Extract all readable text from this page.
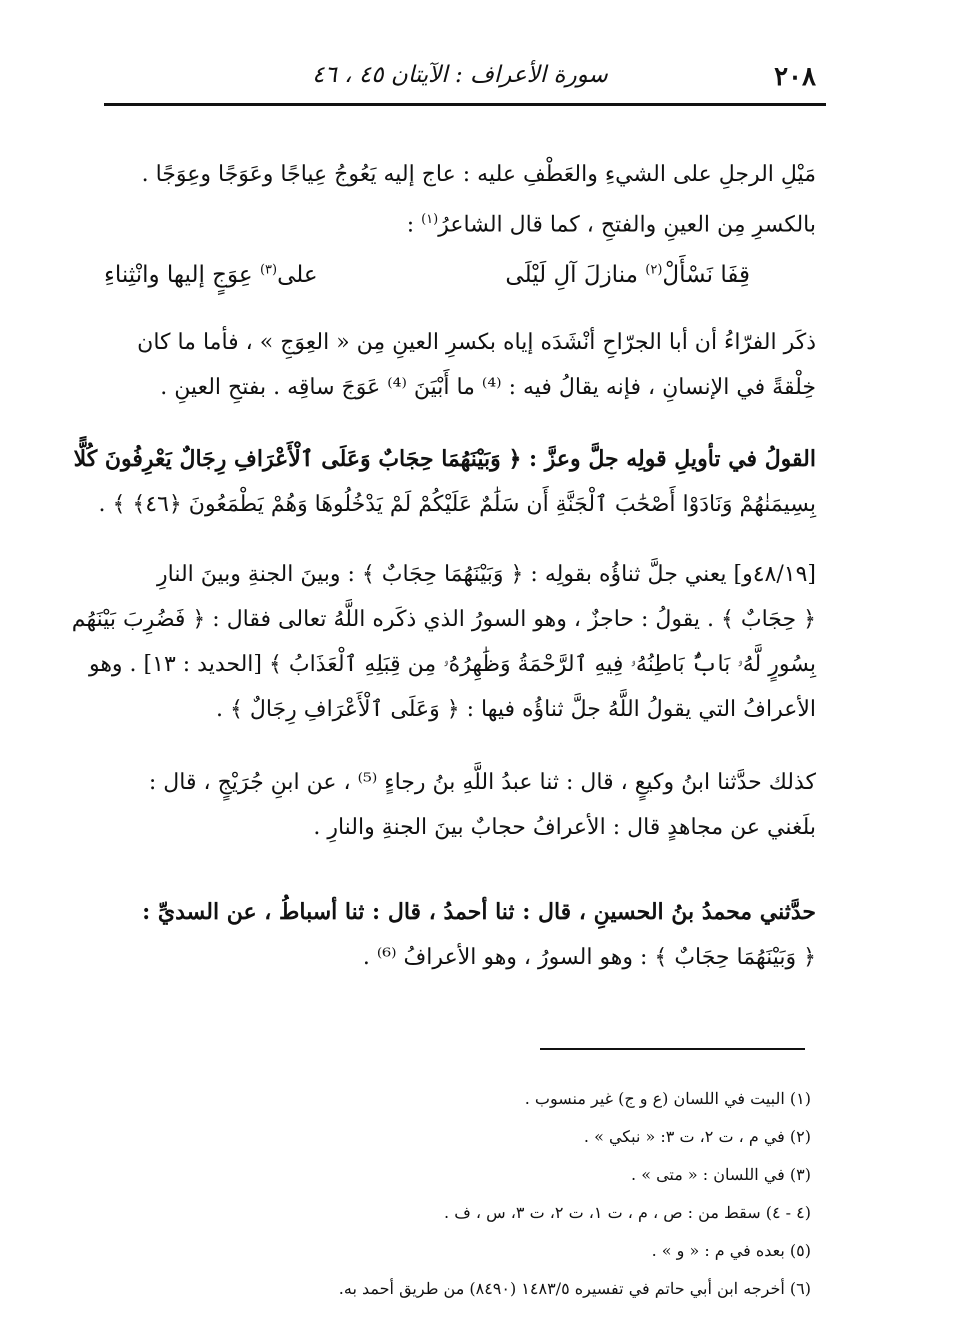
٢٠٨
سورة الأعراف : الآيتان ٤٥ ، ٤٦
مَيْلِ الرجلِ على الشيءِ والعَطْفِ عليه : عاج إليه يَعُوجُ عِياجًا وعَوَجًا وعِوَجًا .
بالكسرِ مِن العينِ والفتحِ ، كما قال الشاعرُ$^{(١)}$ :
قِفَا نَسْأَلْ$^{(٢)}$ منازلَ آلِ لَيْلَى
على$^{(٣)}$ عِوَجٍ إليها وانْثِناءِ
ذكَر الفرّاءُ أن أبا الجرّاحِ أنْشَدَه إياه بكسرِ العينِ مِن « العِوَجِ » ، فأما ما كان
خِلْقةً في الإنسانِ ، فإنه يقالُ فيه : ⁽⁴⁾ ما أَبْيَنَ ⁽⁴⁾ عَوَجَ ساقِه . بفتحِ العينِ .
القولُ في تأويلِ قولِه جلَّ وعزَّ : ﴿ وَبَيْنَهُمَا حِجَابٌ وَعَلَى ٱلْأَعْرَافِ رِجَالٌ يَعْرِفُونَ كُلًّا
بِسِيمَنٰهُمْ وَنَادَوْا أَصْحَٰبَ ٱلْجَنَّةِ أَن سَلَٰمٌ عَلَيْكُمْ لَمْ يَدْخُلُوهَا وَهُمْ يَطْمَعُونَ ﴿٤٦﴾ ﴾ .
[٤٨/١٩و] يعني جلَّ ثناؤُه بقولِه : ﴿ وَبَيْنَهُمَا حِجَابٌ ﴾ : وبينَ الجنةِ وبينَ النارِ
﴿ حِجَابٌ ﴾ . يقولُ : حاجزٌ ، وهو السورُ الذي ذكَره اللَّهُ تعالى فقال : ﴿ فَضُرِبَ بَيْنَهُم
بِسُورٍ لَّهُۥ بَابٌۢ بَاطِنُهُۥ فِيهِ ٱلرَّحْمَةُ وَظَٰهِرُهُۥ مِن قِبَلِهِ ٱلْعَذَابُ ﴾ [الحديد : ١٣] . وهو
الأعرافُ التي يقولُ اللَّهُ جلَّ ثناؤُه فيها : ﴿ وَعَلَى ٱلْأَعْرَافِ رِجَالٌ ﴾ .
كذلك حدَّثنا ابنُ وكيعٍ ، قال : ثنا عبدُ اللَّهِ بنُ رجاءٍ ⁽⁵⁾ ، عن ابنِ جُرَيْجٍ ، قال :
بلَغني عن مجاهدٍ قال : الأعرافُ حجابٌ بينَ الجنةِ والنارِ .
حدَّثني محمدُ بنُ الحسينِ ، قال : ثنا أحمدُ ، قال : ثنا أسباطُ ، عن السديِّ :
﴿ وَبَيْنَهُمَا حِجَابٌ ﴾ : وهو السورُ ، وهو الأعرافُ ⁽⁶⁾ .
(١) البيت في اللسان (ع و ج) غير منسوب .
(٢) في م ، ت ٢، ت ٣: « نبكي » .
(٣) في اللسان : « متى » .
(٤ - ٤) سقط من : ص ، م ، ت ١، ت ٢، ت ٣، س ، ف .
(٥) بعده في م : « و » .
(٦) أخرجه ابن أبي حاتم في تفسيره ١٤٨٣/٥ (٨٤٩٠) من طريق أحمد به.
